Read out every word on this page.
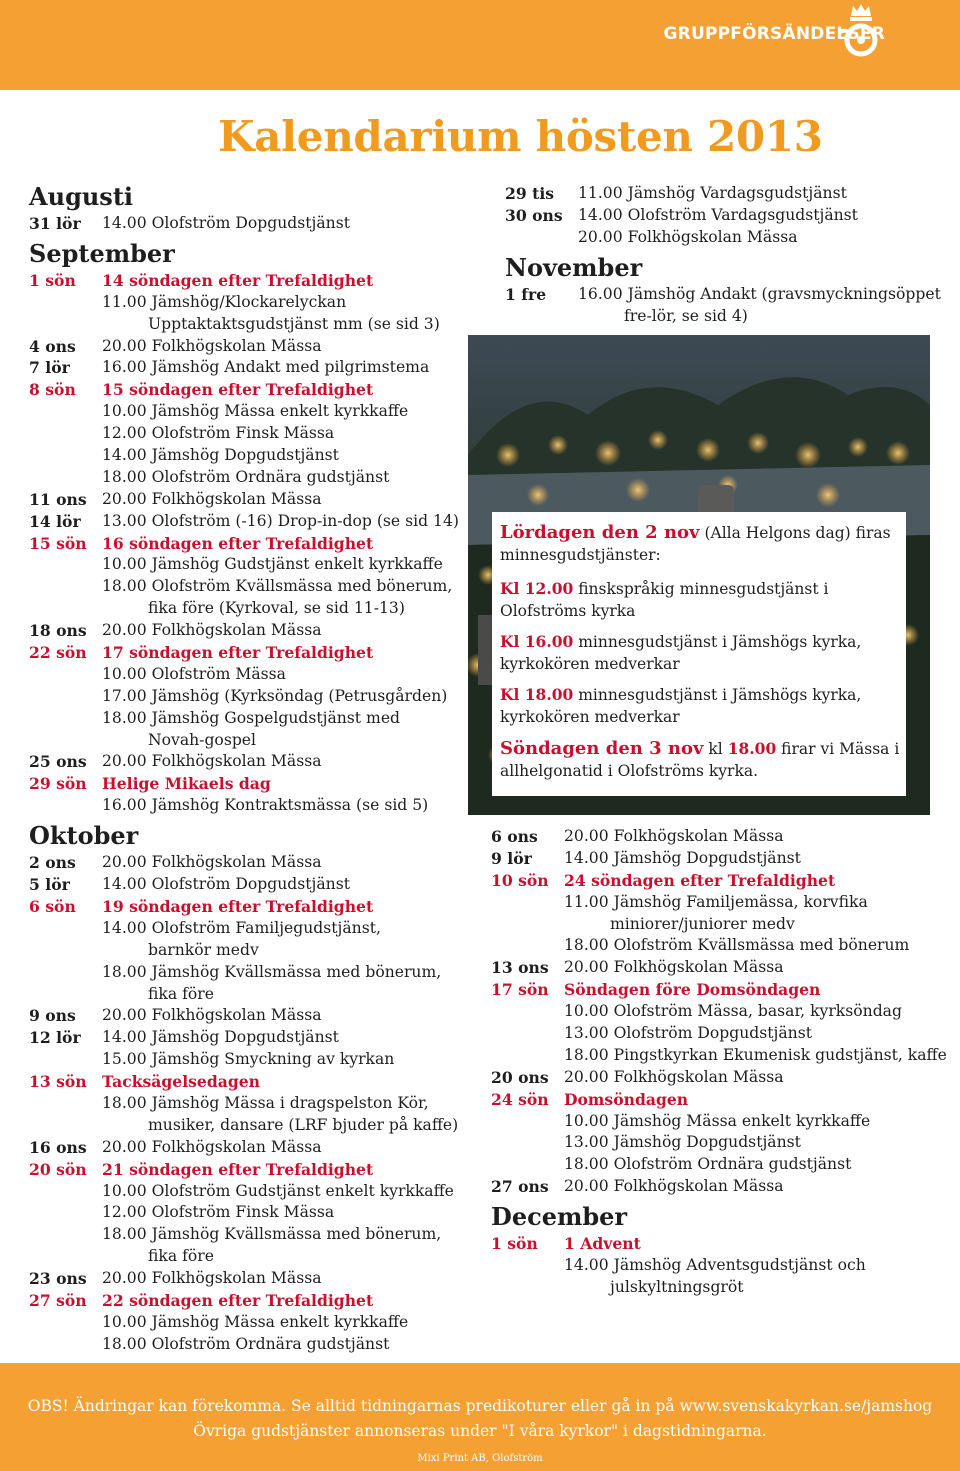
GRUPPFÖRSÄNDELSER
Kalendarium hösten 2013
Augusti
31 lör	14.00 Olofström Dopgudstjänst
September
1 sön	14 söndagen efter Trefaldighet
11.00 Jämshög/Klockarelyckan
Upptaktaktsgudstjänst mm (se sid 3)
4 ons	20.00 Folkhögskolan Mässa
7 lör	16.00 Jämshög Andakt med pilgrimstema
8 sön	15 söndagen efter Trefaldighet
10.00 Jämshög Mässa enkelt kyrkkaffe
12.00 Olofström Finsk Mässa
14.00 Jämshög Dopgudstjänst
18.00 Olofström Ordnära gudstjänst
11 ons 20.00 Folkhögskolan Mässa
14 lör	13.00 Olofström (-16) Drop-in-dop (se sid 14)
15 sön 16 söndagen efter Trefaldighet
10.00 Jämshög Gudstjänst enkelt kyrkkaffe
18.00 Olofström Kvällsmässa med bönerum,
fika före (Kyrkoval, se sid 11-13)
18 ons 20.00 Folkhögskolan Mässa
22 sön 17 söndagen efter Trefaldighet
10.00 Olofström Mässa
17.00 Jämshög (Kyrksöndag (Petrusgården)
18.00 Jämshög Gospelgudstjänst med
Novah-gospel
25 ons 20.00 Folkhögskolan Mässa
29 sön Helige Mikaels dag
16.00 Jämshög Kontraktsmässa (se sid 5)
Oktober
2 ons	20.00 Folkhögskolan Mässa
5 lör	14.00 Olofström Dopgudstjänst
6 sön	19 söndagen efter Trefaldighet
14.00 Olofström Familjegudstjänst,
barnkör medv
18.00 Jämshög Kvällsmässa med bönerum,
fika före
9 ons	20.00 Folkhögskolan Mässa
12 lör	14.00 Jämshög Dopgudstjänst
15.00 Jämshög Smyckning av kyrkan
13 sön Tacksägelsedagen
18.00 Jämshög Mässa i dragspelston Kör,
musiker, dansare (LRF bjuder på kaffe)
16 ons 20.00 Folkhögskolan Mässa
20 sön 21 söndagen efter Trefaldighet
10.00 Olofström Gudstjänst enkelt kyrkkaffe
12.00 Olofström Finsk Mässa
18.00 Jämshög Kvällsmässa med bönerum,
fika före
23 ons 20.00 Folkhögskolan Mässa
27 sön 22 söndagen efter Trefaldighet
10.00 Jämshög Mässa enkelt kyrkkaffe
18.00 Olofström Ordnära gudstjänst
29 tis	11.00 Jämshög Vardagsgudstjänst
30 ons 14.00 Olofström Vardagsgudstjänst
20.00 Folkhögskolan Mässa
November
1 fre	16.00 Jämshög Andakt (gravsmyckningsöppet
fre-lör, se sid 4)
Lördagen den 2 nov (Alla Helgons dag) firas minnesgudstjänster:
Kl 12.00 finskspråkig minnesgudstjänst i Olofströms kyrka
Kl 16.00 minnesgudstjänst i Jämshögs kyrka, kyrkokören medverkar
Kl 18.00 minnesgudstjänst i Jämshögs kyrka, kyrkokören medverkar
Söndagen den 3 nov kl 18.00 firar vi Mässa i allhelgonatid i Olofströms kyrka.
6 ons	20.00 Folkhögskolan Mässa
9 lör	14.00 Jämshög Dopgudstjänst
10 sön 24 söndagen efter Trefaldighet
11.00 Jämshög Familjemässa, korvfika
miniorer/juniorer medv
18.00 Olofström Kvällsmässa med bönerum
13 ons 20.00 Folkhögskolan Mässa
17 sön Söndagen före Domsöndagen
10.00 Olofström Mässa, basar, kyrksöndag
13.00 Olofström Dopgudstjänst
18.00 Pingstkyrkan Ekumenisk gudstjänst, kaffe
20 ons 20.00 Folkhögskolan Mässa
24 sön Domsöndagen
10.00 Jämshög Mässa enkelt kyrkkaffe
13.00 Jämshög Dopgudstjänst
18.00 Olofström Ordnära gudstjänst
27 ons 20.00 Folkhögskolan Mässa
December
1 sön	1 Advent
14.00 Jämshög Adventsgudstjänst och
julskyltningsgröt
OBS! Ändringar kan förekomma. Se alltid tidningarnas predikoturer eller gå in på www.svenskakyrkan.se/jamshog
Övriga gudstjänster annonseras under "I våra kyrkor" i dagstidningarna.
Mixi Print AB, Olofström
